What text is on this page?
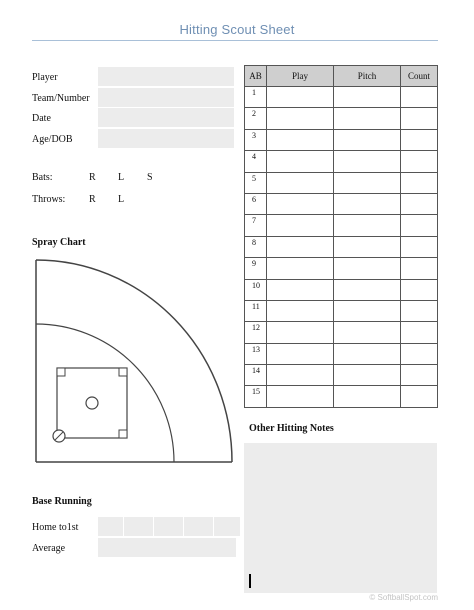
Hitting Scout Sheet
Player
Team/Number
Date
Age/DOB
Bats:	R L S
Throws: R L
Spray Chart
AB	Play	Pitch	Count
1			
2			
3			
4			
5			
6			
7			
8			
9			
10			
11			
12			
13			
14			
15			
Other Hitting Notes
Base Running
Home to1st
Average
© SoftballSpot.com
